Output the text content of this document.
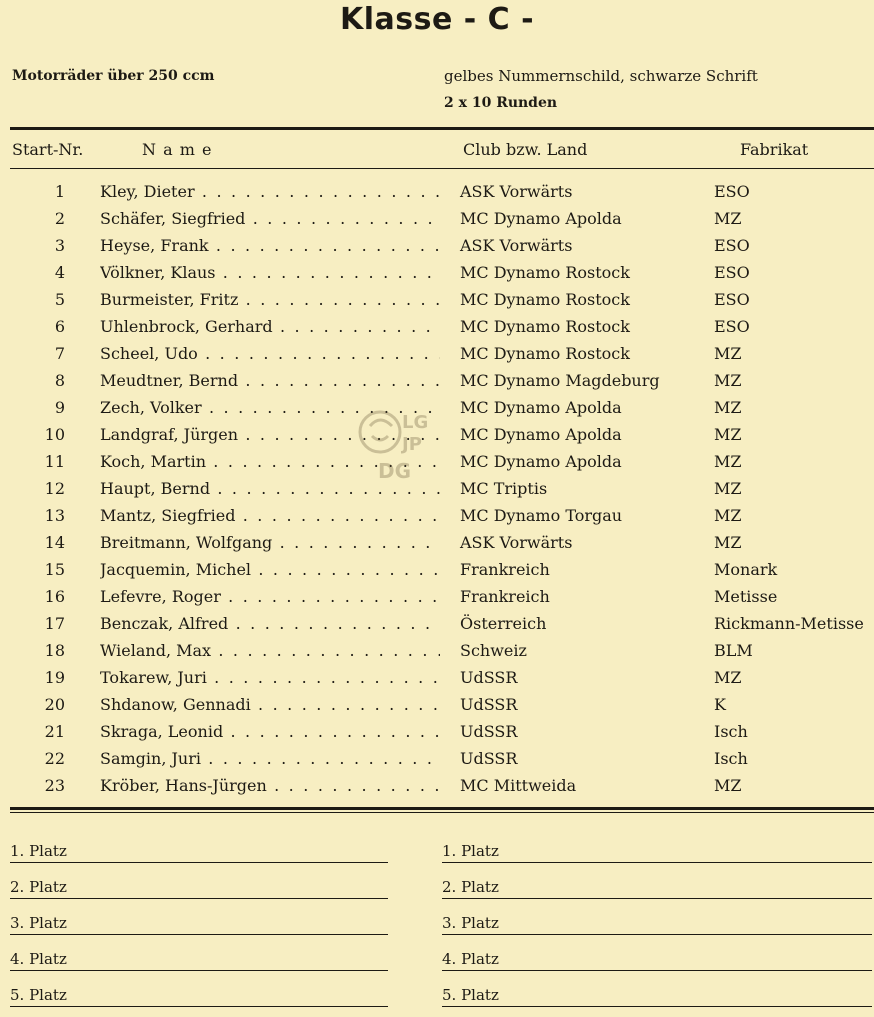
Klasse - C -
Motorräder über 250 ccm	gelbes Nummernschild, schwarze Schrift
2 x 10 Runden
Start-Nr.	N a m e	Club bzw. Land	Fabrikat
1 Kley, Dieter . . .	ASK Vorwärts	ESO
2 Schäfer, Siegfried . . .	MC Dynamo Apolda	MZ
3 Heyse, Frank . . .	ASK Vorwärts	ESO
4 Völkner, Klaus . . .	MC Dynamo Rostock	ESO
5 Burmeister, Fritz . . .	MC Dynamo Rostock	ESO
6 Uhlenbrock, Gerhard . . .	MC Dynamo Rostock	ESO
7 Scheel, Udo . . .	MC Dynamo Rostock	MZ
8 Meudtner, Bernd . . .	MC Dynamo Magdeburg	MZ
9 Zech, Volker . . .	MC Dynamo Apolda	MZ
10 Landgraf, Jürgen . . .	MC Dynamo Apolda	MZ
11 Koch, Martin . . .	MC Dynamo Apolda	MZ
12 Haupt, Bernd . . .	MC Triptis	MZ
13 Mantz, Siegfried . . .	MC Dynamo Torgau	MZ
14 Breitmann, Wolfgang . . .	ASK Vorwärts	MZ
15 Jacquemin, Michel . . .	Frankreich	Monark
16 Lefevre, Roger . . .	Frankreich	Metisse
17 Benczak, Alfred . . .	Österreich	Rickmann-Metisse
18 Wieland, Max . . .	Schweiz	BLM
19 Tokarew, Juri . . .	UdSSR	MZ
20 Shdanow, Gennadi . . .	UdSSR	K
21 Skraga, Leonid . . .	UdSSR	Isch
22 Samgin, Juri . . .	UdSSR	Isch
23 Kröber, Hans-Jürgen . . .	MC Mittweida	MZ
1. Platz
2. Platz
3. Platz
4. Platz
5. Platz
1. Platz
2. Platz
3. Platz
4. Platz
5. Platz
LG
JP
DG
